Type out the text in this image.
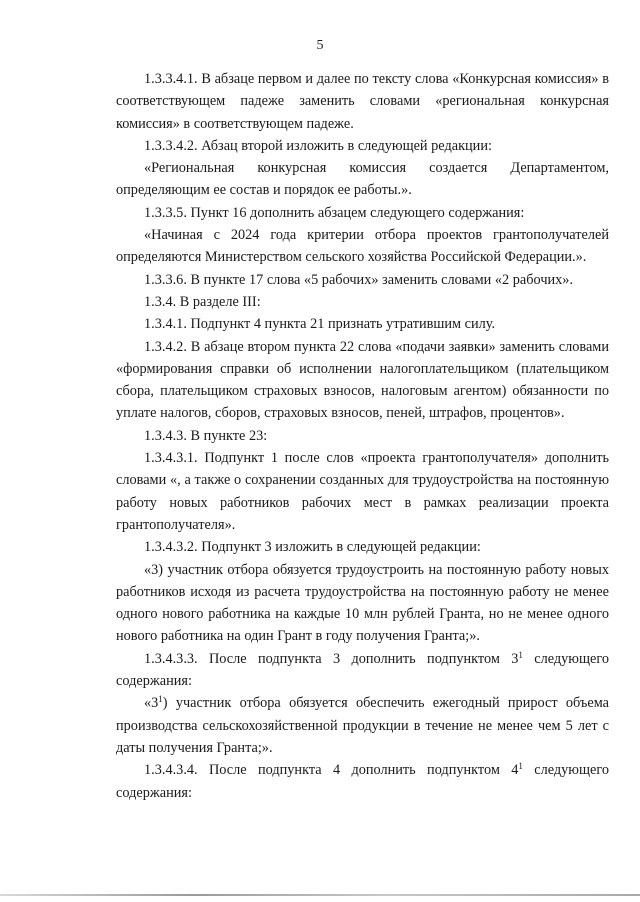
5

1.3.3.4.1. В абзаце первом и далее по тексту слова «Конкурсная комиссия» в соответствующем падеже заменить словами «региональная конкурсная комиссия» в соответствующем падеже.

1.3.3.4.2. Абзац второй изложить в следующей редакции:

«Региональная конкурсная комиссия создается Департаментом, определяющим ее состав и порядок ее работы.».

1.3.3.5. Пункт 16 дополнить абзацем следующего содержания:

«Начиная с 2024 года критерии отбора проектов грантополучателей определяются Министерством сельского хозяйства Российской Федерации.».

1.3.3.6. В пункте 17 слова «5 рабочих» заменить словами «2 рабочих».

1.3.4. В разделе III:

1.3.4.1. Подпункт 4 пункта 21 признать утратившим силу.

1.3.4.2. В абзаце втором пункта 22 слова «подачи заявки» заменить словами «формирования справки об исполнении налогоплательщиком (плательщиком сбора, плательщиком страховых взносов, налоговым агентом) обязанности по уплате налогов, сборов, страховых взносов, пеней, штрафов, процентов».

1.3.4.3. В пункте 23:

1.3.4.3.1. Подпункт 1 после слов «проекта грантополучателя» дополнить словами «, а также о сохранении созданных для трудоустройства на постоянную работу новых работников рабочих мест в рамках реализации проекта грантополучателя».

1.3.4.3.2. Подпункт 3 изложить в следующей редакции:

«3) участник отбора обязуется трудоустроить на постоянную работу новых работников исходя из расчета трудоустройства на постоянную работу не менее одного нового работника на каждые 10 млн рублей Гранта, но не менее одного нового работника на один Грант в году получения Гранта;».

1.3.4.3.3. После подпункта 3 дополнить подпунктом $3^1$ следующего содержания:

«$3^1$) участник отбора обязуется обеспечить ежегодный прирост объема производства сельскохозяйственной продукции в течение не менее чем 5 лет с даты получения Гранта;».

1.3.4.3.4. После подпункта 4 дополнить подпунктом $4^1$ следующего содержания:
